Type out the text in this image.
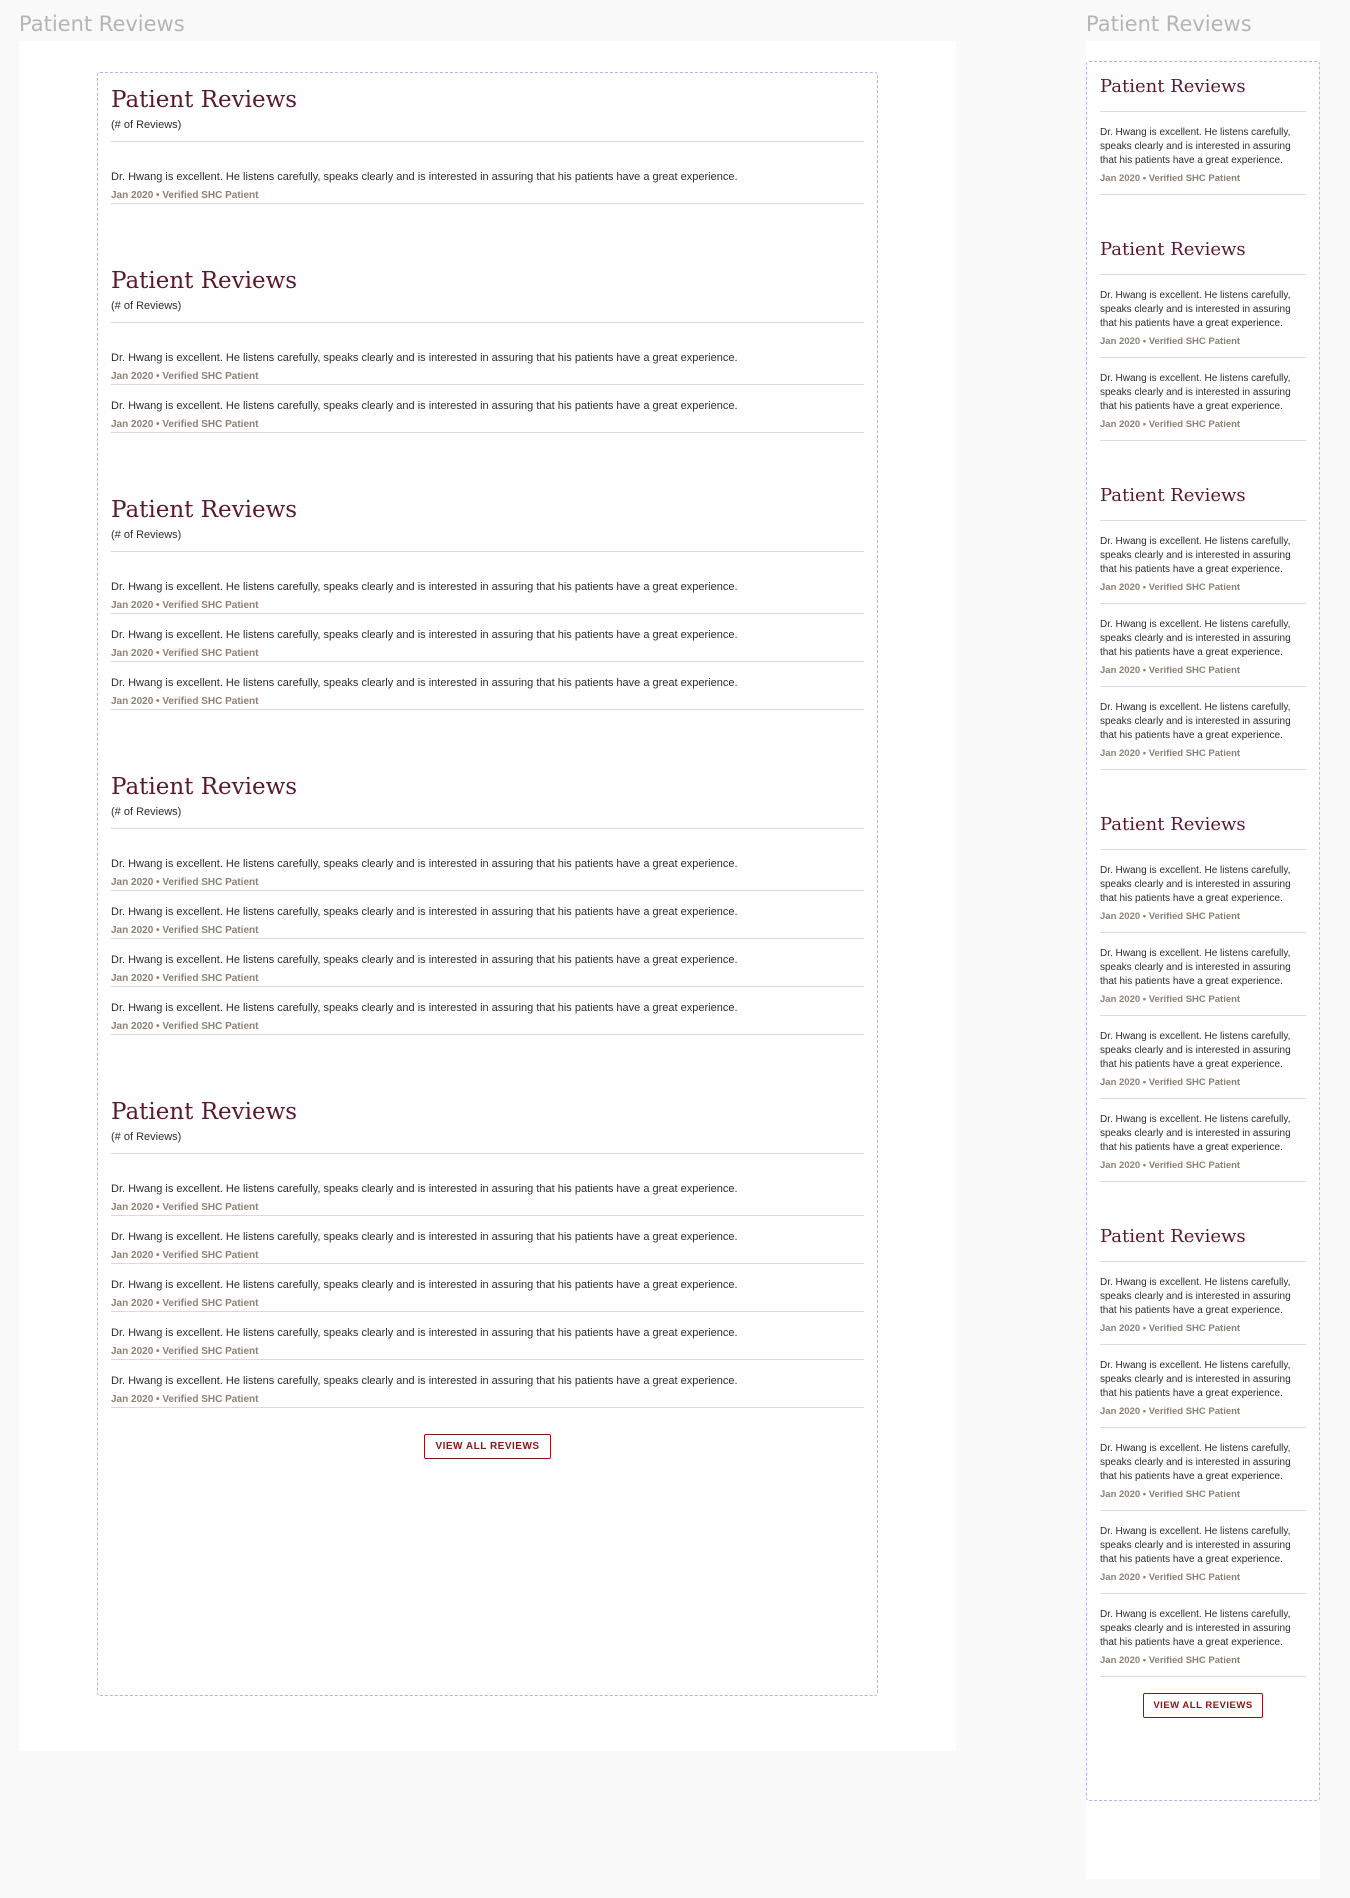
Patient Reviews	Patient Reviews
Patient Reviews
(# of Reviews)
Dr. Hwang is excellent. He listens carefully, speaks clearly and is interested in assuring that his patients have a great experience.
Jan 2020 • Verified SHC Patient
Patient Reviews
(# of Reviews)
Dr. Hwang is excellent. He listens carefully, speaks clearly and is interested in assuring that his patients have a great experience.
Jan 2020 • Verified SHC Patient
Dr. Hwang is excellent. He listens carefully, speaks clearly and is interested in assuring that his patients have a great experience.
Jan 2020 • Verified SHC Patient
Patient Reviews
(# of Reviews)
Dr. Hwang is excellent. He listens carefully, speaks clearly and is interested in assuring that his patients have a great experience.
Jan 2020 • Verified SHC Patient
Dr. Hwang is excellent. He listens carefully, speaks clearly and is interested in assuring that his patients have a great experience.
Jan 2020 • Verified SHC Patient
Dr. Hwang is excellent. He listens carefully, speaks clearly and is interested in assuring that his patients have a great experience.
Jan 2020 • Verified SHC Patient
Patient Reviews
(# of Reviews)
Dr. Hwang is excellent. He listens carefully, speaks clearly and is interested in assuring that his patients have a great experience.
Jan 2020 • Verified SHC Patient
Dr. Hwang is excellent. He listens carefully, speaks clearly and is interested in assuring that his patients have a great experience.
Jan 2020 • Verified SHC Patient
Dr. Hwang is excellent. He listens carefully, speaks clearly and is interested in assuring that his patients have a great experience.
Jan 2020 • Verified SHC Patient
Dr. Hwang is excellent. He listens carefully, speaks clearly and is interested in assuring that his patients have a great experience.
Jan 2020 • Verified SHC Patient
Patient Reviews
(# of Reviews)
Dr. Hwang is excellent. He listens carefully, speaks clearly and is interested in assuring that his patients have a great experience.
Jan 2020 • Verified SHC Patient
Dr. Hwang is excellent. He listens carefully, speaks clearly and is interested in assuring that his patients have a great experience.
Jan 2020 • Verified SHC Patient
Dr. Hwang is excellent. He listens carefully, speaks clearly and is interested in assuring that his patients have a great experience.
Jan 2020 • Verified SHC Patient
Dr. Hwang is excellent. He listens carefully, speaks clearly and is interested in assuring that his patients have a great experience.
Jan 2020 • Verified SHC Patient
Dr. Hwang is excellent. He listens carefully, speaks clearly and is interested in assuring that his patients have a great experience.
Jan 2020 • Verified SHC Patient
VIEW ALL REVIEWS
Patient Reviews
Dr. Hwang is excellent. He listens carefully, speaks clearly and is interested in assuring that his patients have a great experience.
Jan 2020 • Verified SHC Patient
Patient Reviews
Dr. Hwang is excellent. He listens carefully, speaks clearly and is interested in assuring that his patients have a great experience.
Jan 2020 • Verified SHC Patient
Dr. Hwang is excellent. He listens carefully, speaks clearly and is interested in assuring that his patients have a great experience.
Jan 2020 • Verified SHC Patient
Patient Reviews
Dr. Hwang is excellent. He listens carefully, speaks clearly and is interested in assuring that his patients have a great experience.
Jan 2020 • Verified SHC Patient
Dr. Hwang is excellent. He listens carefully, speaks clearly and is interested in assuring that his patients have a great experience.
Jan 2020 • Verified SHC Patient
Dr. Hwang is excellent. He listens carefully, speaks clearly and is interested in assuring that his patients have a great experience.
Jan 2020 • Verified SHC Patient
Patient Reviews
Dr. Hwang is excellent. He listens carefully, speaks clearly and is interested in assuring that his patients have a great experience.
Jan 2020 • Verified SHC Patient
Dr. Hwang is excellent. He listens carefully, speaks clearly and is interested in assuring that his patients have a great experience.
Jan 2020 • Verified SHC Patient
Dr. Hwang is excellent. He listens carefully, speaks clearly and is interested in assuring that his patients have a great experience.
Jan 2020 • Verified SHC Patient
Dr. Hwang is excellent. He listens carefully, speaks clearly and is interested in assuring that his patients have a great experience.
Jan 2020 • Verified SHC Patient
Patient Reviews
Dr. Hwang is excellent. He listens carefully, speaks clearly and is interested in assuring that his patients have a great experience.
Jan 2020 • Verified SHC Patient
Dr. Hwang is excellent. He listens carefully, speaks clearly and is interested in assuring that his patients have a great experience.
Jan 2020 • Verified SHC Patient
Dr. Hwang is excellent. He listens carefully, speaks clearly and is interested in assuring that his patients have a great experience.
Jan 2020 • Verified SHC Patient
Dr. Hwang is excellent. He listens carefully, speaks clearly and is interested in assuring that his patients have a great experience.
Jan 2020 • Verified SHC Patient
Dr. Hwang is excellent. He listens carefully, speaks clearly and is interested in assuring that his patients have a great experience.
Jan 2020 • Verified SHC Patient
VIEW ALL REVIEWS
